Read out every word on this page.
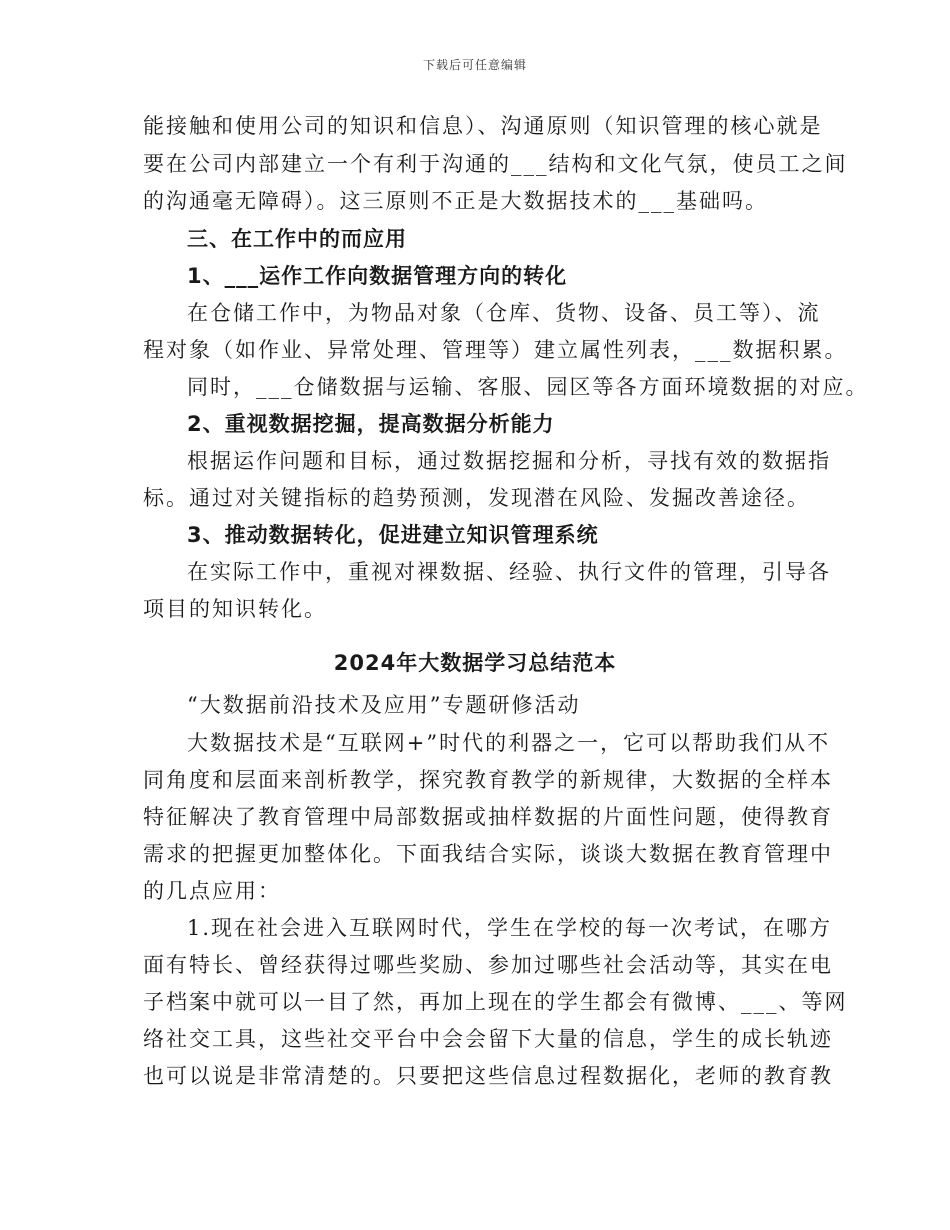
下载后可任意编辑
能接触和使用公司的知识和信息）、沟通原则（知识管理的核心就是
要在公司内部建立一个有利于沟通的___结构和文化气氛，使员工之间
的沟通毫无障碍）。这三原则不正是大数据技术的___基础吗。
三、在工作中的而应用
1、___运作工作向数据管理方向的转化
在仓储工作中，为物品对象（仓库、货物、设备、员工等）、流
程对象（如作业、异常处理、管理等）建立属性列表，___数据积累。
同时，___仓储数据与运输、客服、园区等各方面环境数据的对应。
2、重视数据挖掘，提高数据分析能力
根据运作问题和目标，通过数据挖掘和分析，寻找有效的数据指
标。通过对关键指标的趋势预测，发现潜在风险、发掘改善途径。
3、推动数据转化，促进建立知识管理系统
在实际工作中，重视对裸数据、经验、执行文件的管理，引导各
项目的知识转化。
2024年大数据学习总结范本
“大数据前沿技术及应用”专题研修活动
大数据技术是“互联网+”时代的利器之一，它可以帮助我们从不
同角度和层面来剖析教学，探究教育教学的新规律，大数据的全样本
特征解决了教育管理中局部数据或抽样数据的片面性问题，使得教育
需求的把握更加整体化。下面我结合实际，谈谈大数据在教育管理中
的几点应用：
1.现在社会进入互联网时代，学生在学校的每一次考试，在哪方
面有特长、曾经获得过哪些奖励、参加过哪些社会活动等，其实在电
子档案中就可以一目了然，再加上现在的学生都会有微博、___、等网
络社交工具，这些社交平台中会会留下大量的信息，学生的成长轨迹
也可以说是非常清楚的。只要把这些信息过程数据化，老师的教育教
